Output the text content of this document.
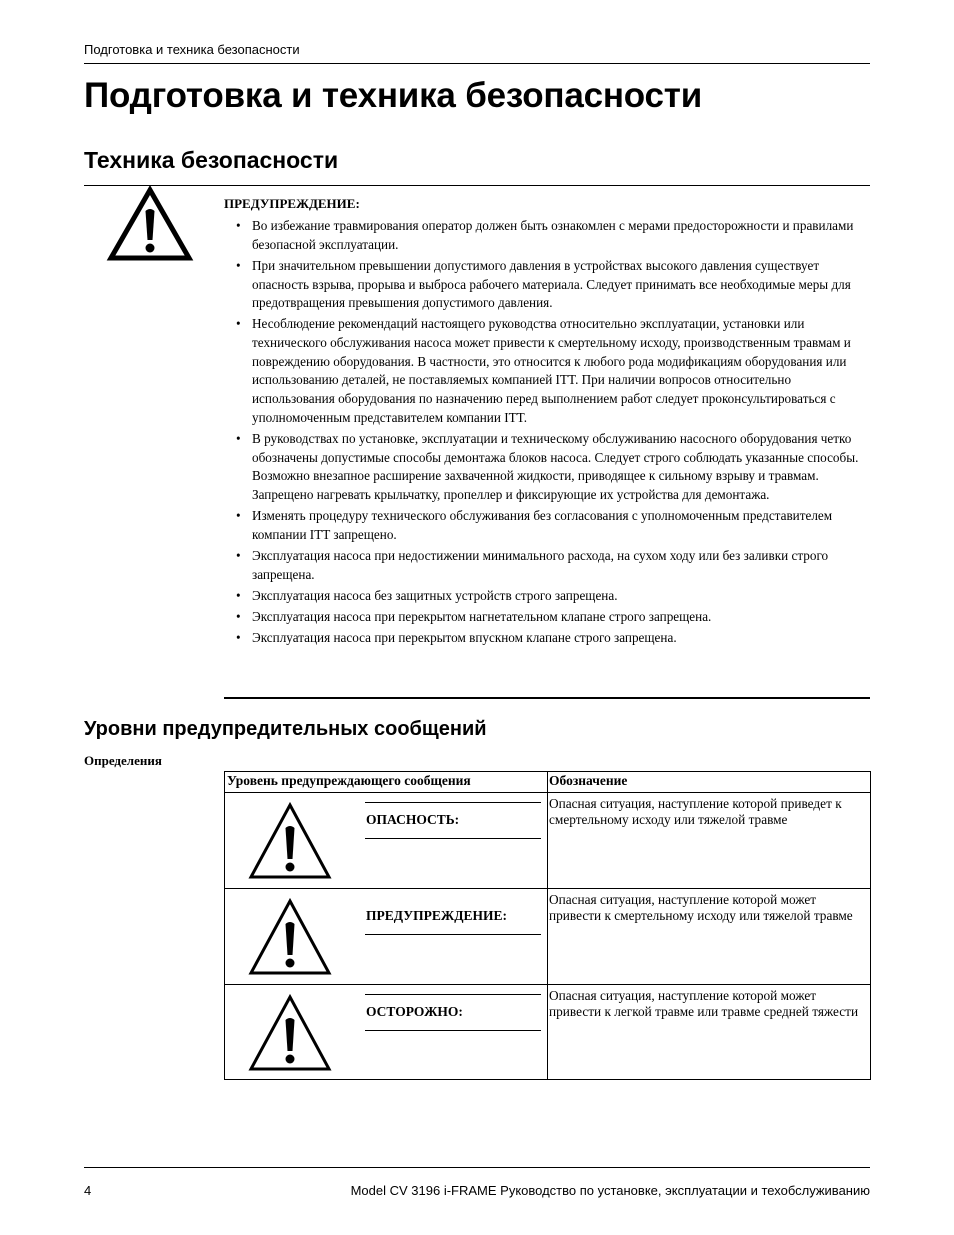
Подготовка и техника безопасности
Подготовка и техника безопасности
Техника безопасности
ПРЕДУПРЕЖДЕНИЕ:
• Во избежание травмирования оператор должен быть ознакомлен с мерами предосторожности и правилами безопасной эксплуатации.
• При значительном превышении допустимого давления в устройствах высокого давления существует опасность взрыва, прорыва и выброса рабочего материала. Следует принимать все необходимые меры для предотвращения превышения допустимого давления.
• Несоблюдение рекомендаций настоящего руководства относительно эксплуатации, установки или технического обслуживания насоса может привести к смертельному исходу, производственным травмам и повреждению оборудования. В частности, это относится к любого рода модификациям оборудования или использованию деталей, не поставляемых компанией ITT. При наличии вопросов относительно использования оборудования по назначению перед выполнением работ следует проконсультироваться с уполномоченным представителем компании ITT.
• В руководствах по установке, эксплуатации и техническому обслуживанию насосного оборудования четко обозначены допустимые способы демонтажа блоков насоса. Следует строго соблюдать указанные способы. Возможно внезапное расширение захваченной жидкости, приводящее к сильному взрыву и травмам. Запрещено нагревать крыльчатку, пропеллер и фиксирующие их устройства для демонтажа.
• Изменять процедуру технического обслуживания без согласования с уполномоченным представителем компании ITT запрещено.
• Эксплуатация насоса при недостижении минимального расхода, на сухом ходу или без заливки строго запрещена.
• Эксплуатация насоса без защитных устройств строго запрещена.
• Эксплуатация насоса при перекрытом нагнетательном клапане строго запрещена.
• Эксплуатация насоса при перекрытом впускном клапане строго запрещена.
Уровни предупредительных сообщений
Определения
Уровень предупреждающего сообщения	Обозначение
ОПАСНОСТЬ:
Опасная ситуация, наступление которой приведет к смертельному исходу или тяжелой травме
ПРЕДУПРЕЖДЕНИЕ:
Опасная ситуация, наступление которой может привести к смертельному исходу или тяжелой травме
ОСТОРОЖНО:
Опасная ситуация, наступление которой может привести к легкой травме или травме средней тяжести
4	Model CV 3196 i-FRAME Руководство по установке, эксплуатации и техобслуживанию
